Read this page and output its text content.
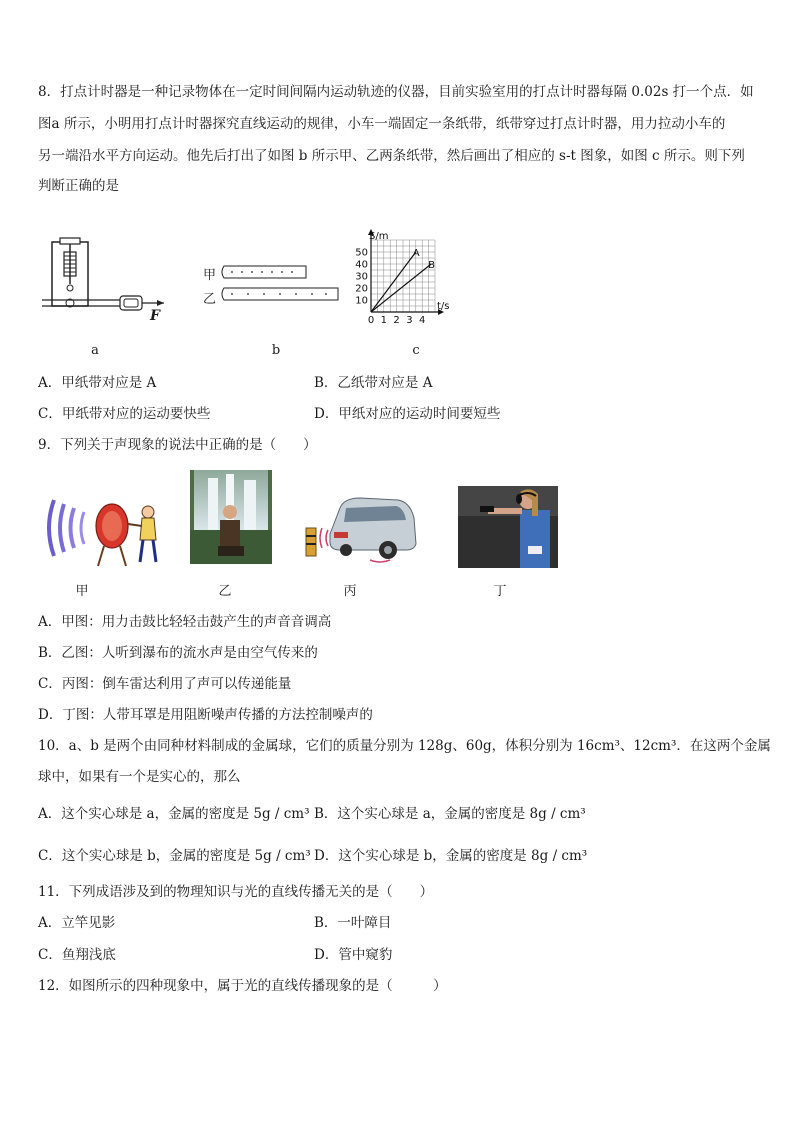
8．打点计时器是一种记录物体在一定时间间隔内运动轨迹的仪器，目前实验室用的打点计时器每隔 0.02s 打一个点．如
图a 所示，小明用打点计时器探究直线运动的规律，小车一端固定一条纸带，纸带穿过打点计时器，用力拉动小车的
另一端沿水平方向运动。他先后打出了如图 b 所示甲、乙两条纸带，然后画出了相应的 s-t 图象，如图 c 所示。则下列
判断正确的是
F
a
甲
乙
b
0 1 2 3 4
10
20
30
40
50
t/s
S/m
A
B
c
A．甲纸带对应是 A	B．乙纸带对应是 A
C．甲纸带对应的运动要快些	D．甲纸对应的运动时间要短些
9．下列关于声现象的说法中正确的是（　　）
甲	乙	丙	丁
A．甲图：用力击鼓比轻轻击鼓产生的声音音调高
B．乙图：人听到瀑布的流水声是由空气传来的
C．丙图：倒车雷达利用了声可以传递能量
D．丁图：人带耳罩是用阻断噪声传播的方法控制噪声的
10．a、b 是两个由同种材料制成的金属球，它们的质量分别为 128g、60g，体积分别为 16cm³、12cm³．在这两个金属
球中，如果有一个是实心的，那么
A．这个实心球是 a，金属的密度是 5g / cm³ B．这个实心球是 a，金属的密度是 8g / cm³
C．这个实心球是 b，金属的密度是 5g / cm³ D．这个实心球是 b，金属的密度是 8g / cm³
11．下列成语涉及到的物理知识与光的直线传播无关的是（　　）
A．立竿见影	B．一叶障目
C．鱼翔浅底	D．管中窥豹
12．如图所示的四种现象中，属于光的直线传播现象的是（　　　）
